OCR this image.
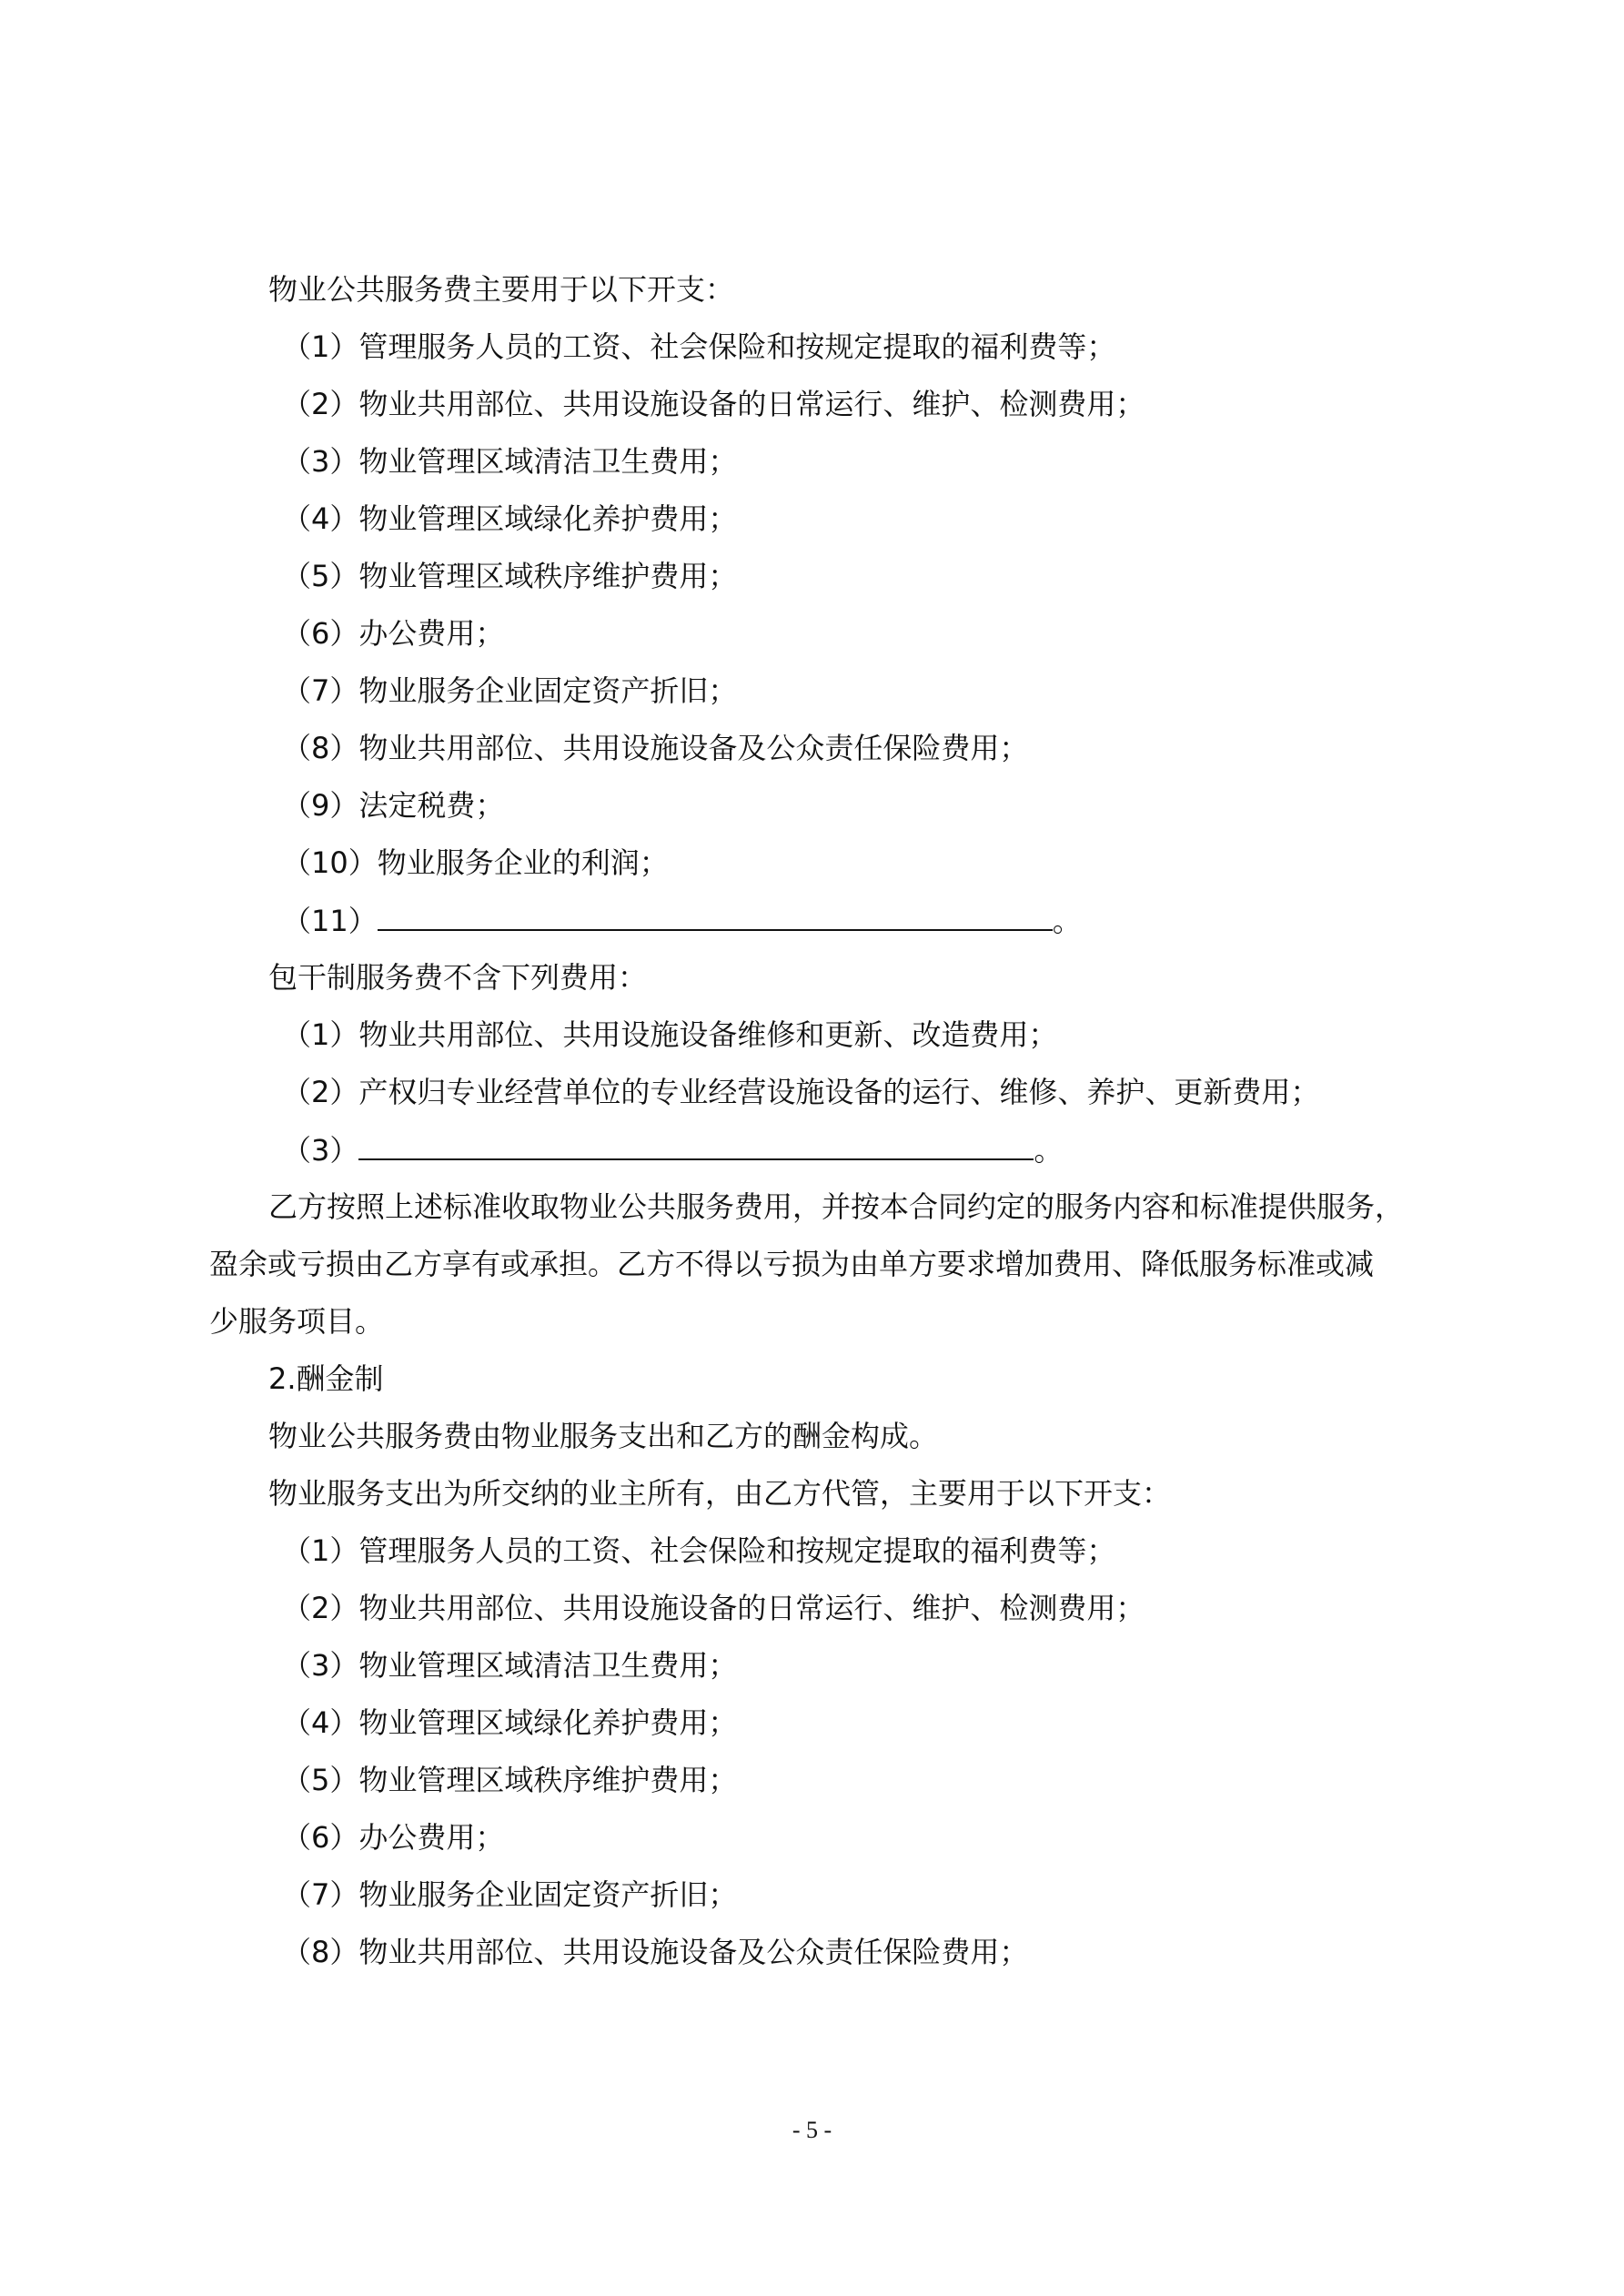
物业公共服务费主要用于以下开支：
（1）管理服务人员的工资、社会保险和按规定提取的福利费等；
（2）物业共用部位、共用设施设备的日常运行、维护、检测费用；
（3）物业管理区域清洁卫生费用；
（4）物业管理区域绿化养护费用；
（5）物业管理区域秩序维护费用；
（6）办公费用；
（7）物业服务企业固定资产折旧；
（8）物业共用部位、共用设施设备及公众责任保险费用；
（9）法定税费；
（10）物业服务企业的利润；
（11）	。
包干制服务费不含下列费用：
（1）物业共用部位、共用设施设备维修和更新、改造费用；
（2）产权归专业经营单位的专业经营设施设备的运行、维修、养护、更新费用；
（3）	。
乙方按照上述标准收取物业公共服务费用，并按本合同约定的服务内容和标准提供服务，
盈余或亏损由乙方享有或承担。乙方不得以亏损为由单方要求增加费用、降低服务标准或减
少服务项目。
2.酬金制
物业公共服务费由物业服务支出和乙方的酬金构成。
物业服务支出为所交纳的业主所有，由乙方代管，主要用于以下开支：
（1）管理服务人员的工资、社会保险和按规定提取的福利费等；
（2）物业共用部位、共用设施设备的日常运行、维护、检测费用；
（3）物业管理区域清洁卫生费用；
（4）物业管理区域绿化养护费用；
（5）物业管理区域秩序维护费用；
（6）办公费用；
（7）物业服务企业固定资产折旧；
（8）物业共用部位、共用设施设备及公众责任保险费用；
- 5 -
